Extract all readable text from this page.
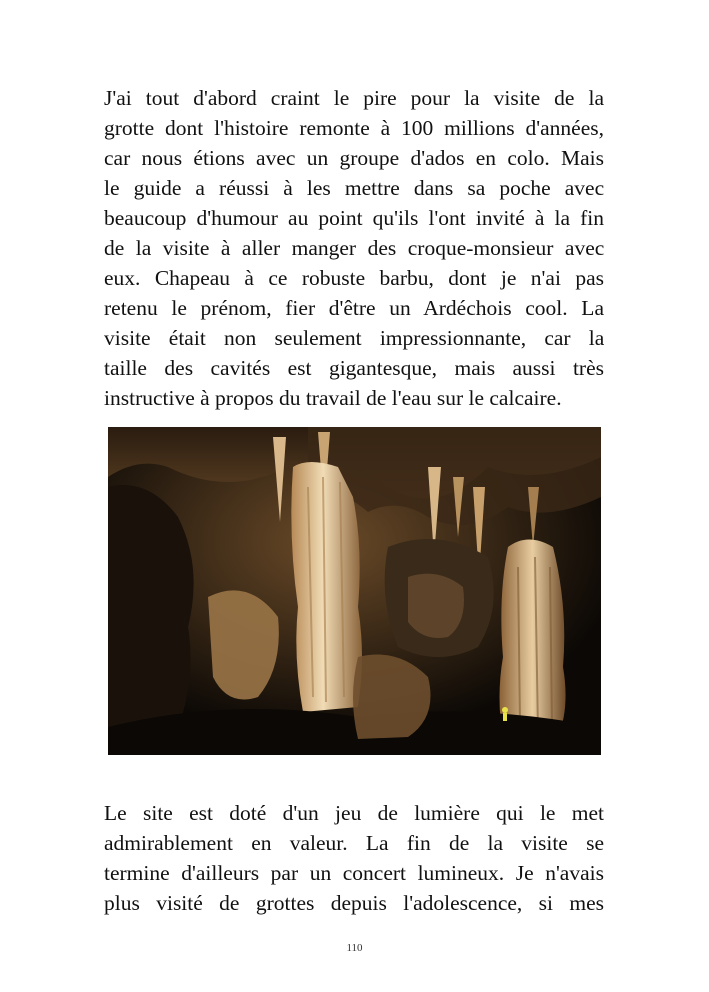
J'ai tout d'abord craint le pire pour la visite de la
grotte dont l'histoire remonte à 100 millions d'années,
car nous étions avec un groupe d'ados en colo. Mais
le guide a réussi à les mettre dans sa poche avec
beaucoup d'humour au point qu'ils l'ont invité à la fin
de la visite à aller manger des croque-monsieur avec
eux. Chapeau à ce robuste barbu, dont je n'ai pas
retenu le prénom, fier d'être un Ardéchois cool. La
visite était non seulement impressionnante, car la
taille des cavités est gigantesque, mais aussi très
instructive à propos du travail de l'eau sur le calcaire.
Le site est doté d'un jeu de lumière qui le met
admirablement en valeur. La fin de la visite se
termine d'ailleurs par un concert lumineux. Je n'avais
plus visité de grottes depuis l'adolescence, si mes
110
